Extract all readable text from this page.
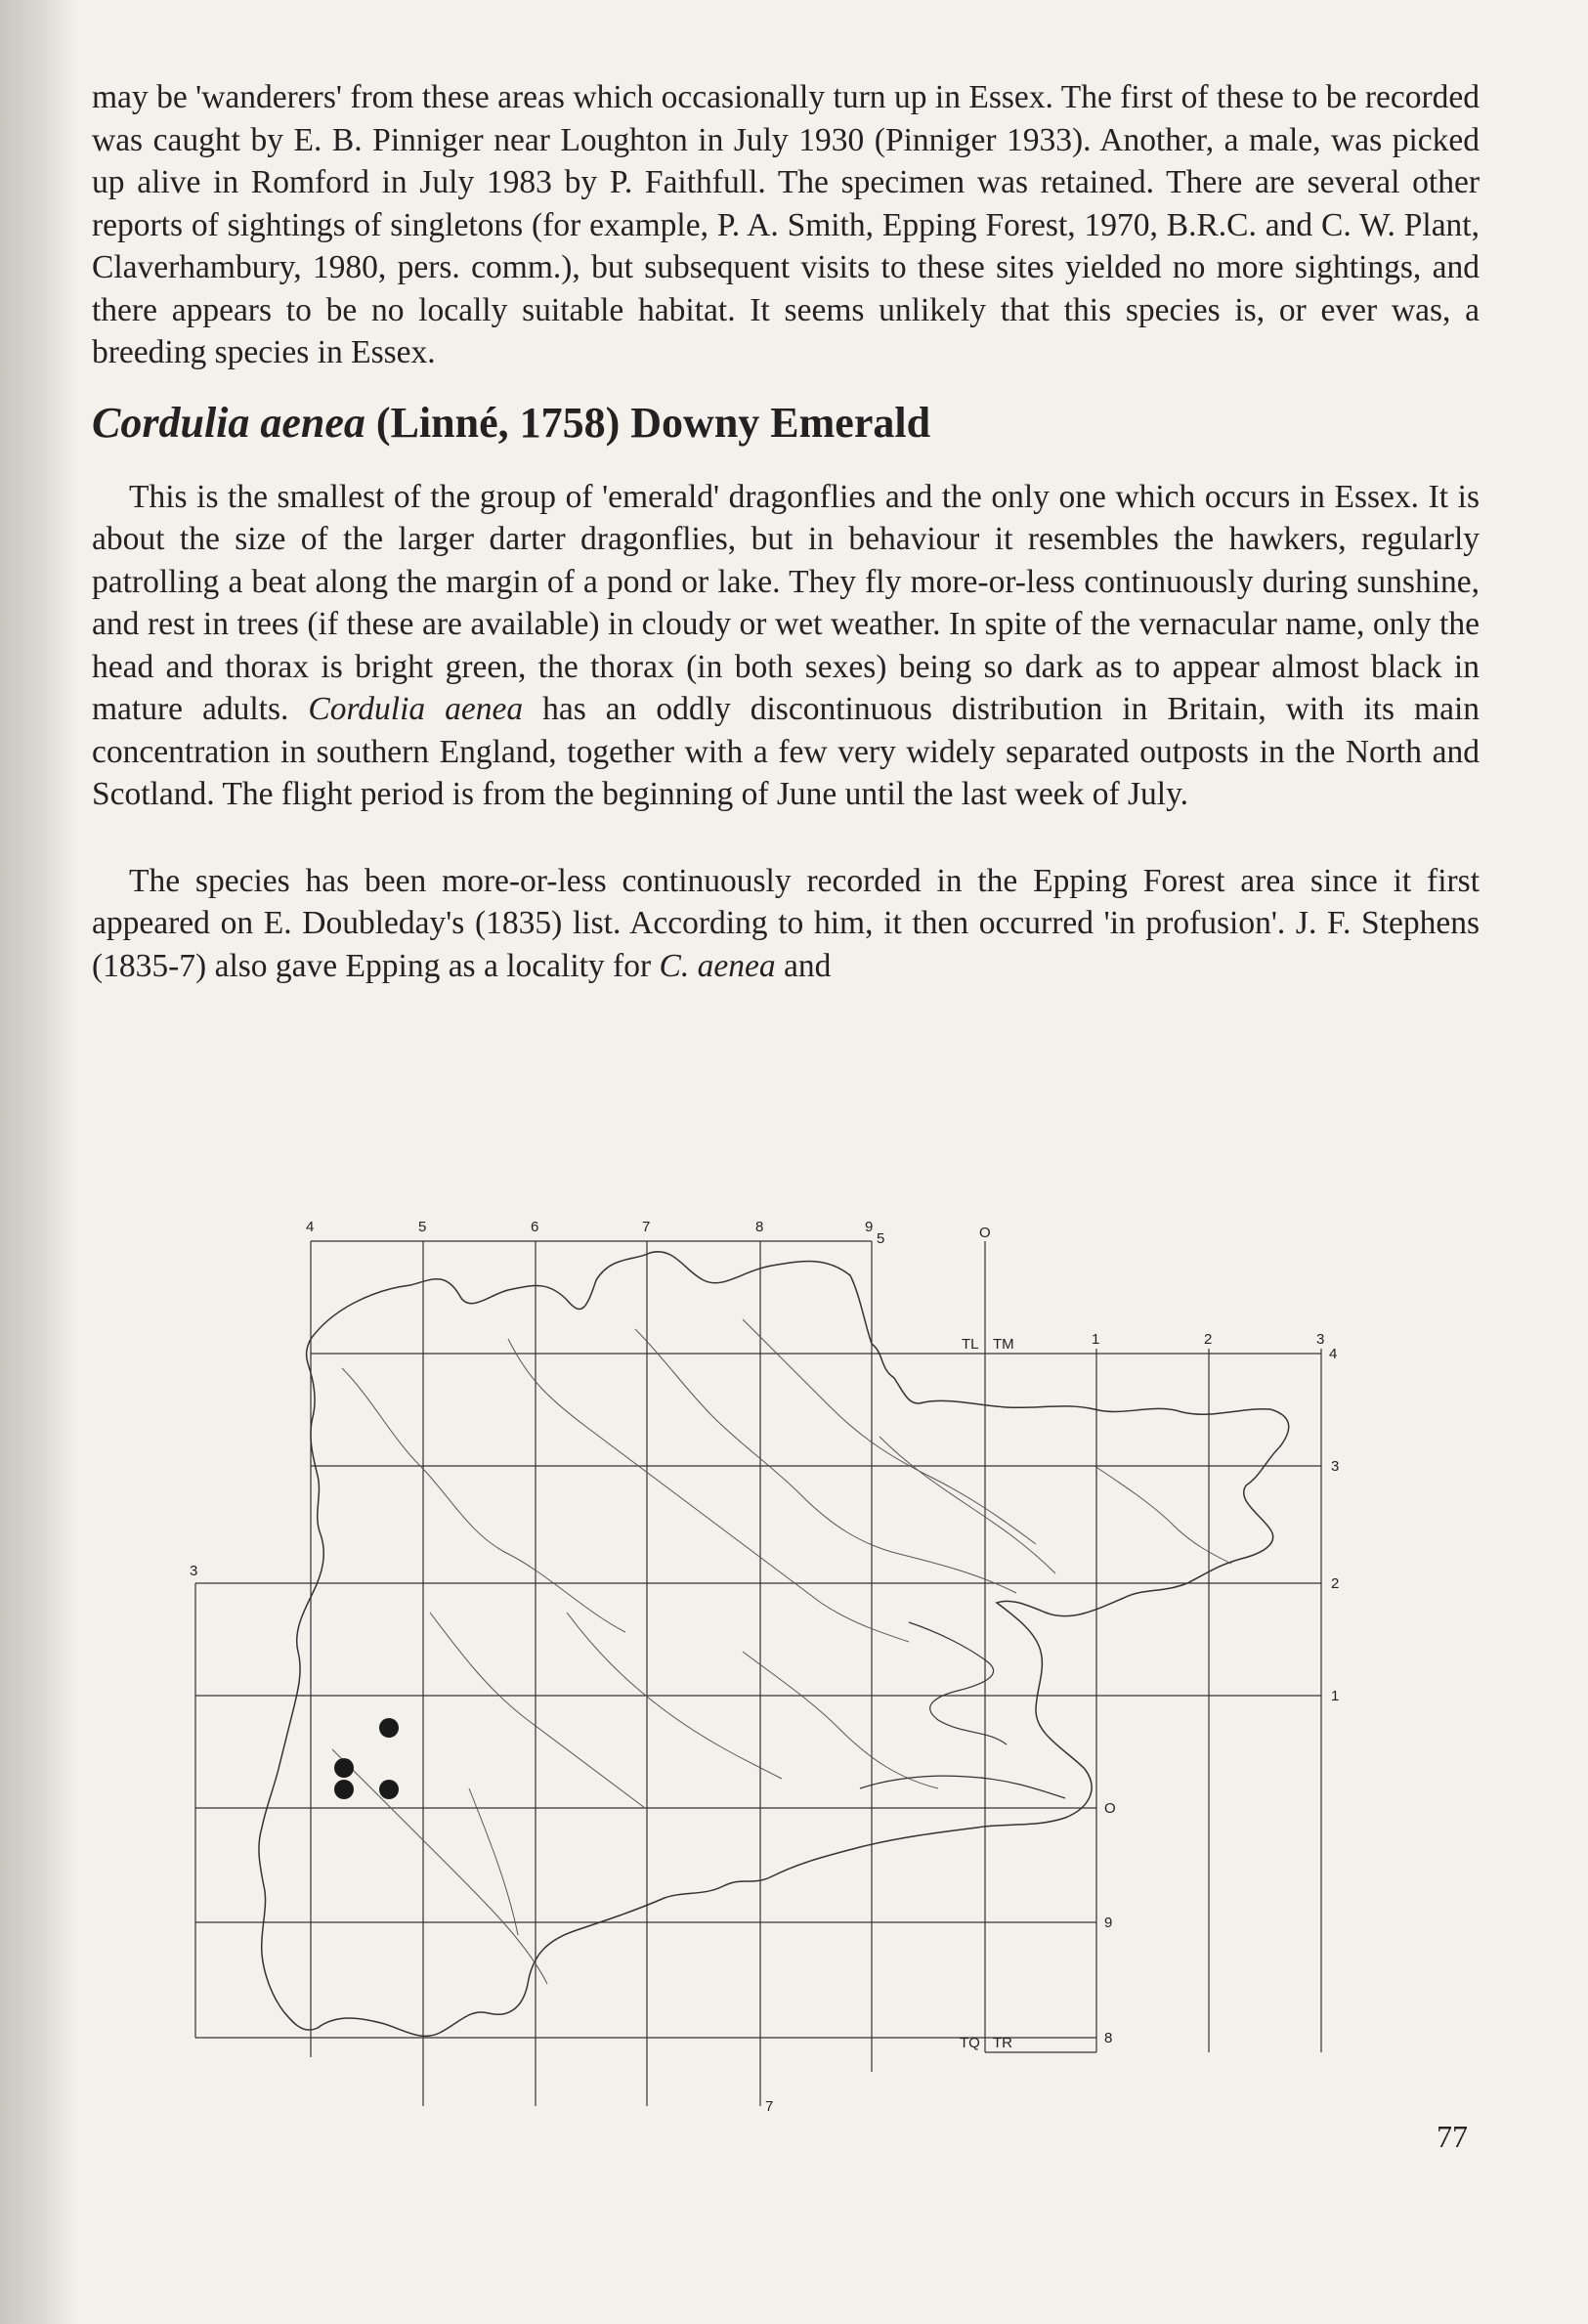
may be 'wanderers' from these areas which occasionally turn up in Essex. The first of these to be recorded was caught by E. B. Pinniger near Loughton in July 1930 (Pinniger 1933). Another, a male, was picked up alive in Romford in July 1983 by P. Faithfull. The specimen was retained. There are several other reports of sightings of singletons (for example, P. A. Smith, Epping Forest, 1970, B.R.C. and C. W. Plant, Claverhambury, 1980, pers. comm.), but subsequent visits to these sites yielded no more sightings, and there appears to be no locally suitable habitat. It seems unlikely that this species is, or ever was, a breeding species in Essex.

Cordulia aenea (Linné, 1758) Downy Emerald

This is the smallest of the group of 'emerald' dragonflies and the only one which occurs in Essex. It is about the size of the larger darter dragonflies, but in behaviour it resembles the hawkers, regularly patrolling a beat along the margin of a pond or lake. They fly more-or-less continuously during sunshine, and rest in trees (if these are available) in cloudy or wet weather. In spite of the vernacular name, only the head and thorax is bright green, the thorax (in both sexes) being so dark as to appear almost black in mature adults. Cordulia aenea has an oddly discontinuous distribution in Britain, with its main concentration in southern England, together with a few very widely separated outposts in the North and Scotland. The flight period is from the beginning of June until the last week of July.

The species has been more-or-less continuously recorded in the Epping Forest area since it first appeared on E. Doubleday's (1835) list. According to him, it then occurred 'in profusion'. J. F. Stephens (1835-7) also gave Epping as a locality for C. aenea and

4	5	6	7	8	9
5	O
TL TM
TQ TR
1	2	3
4
3
2
1
O
9
8
3
7
77
